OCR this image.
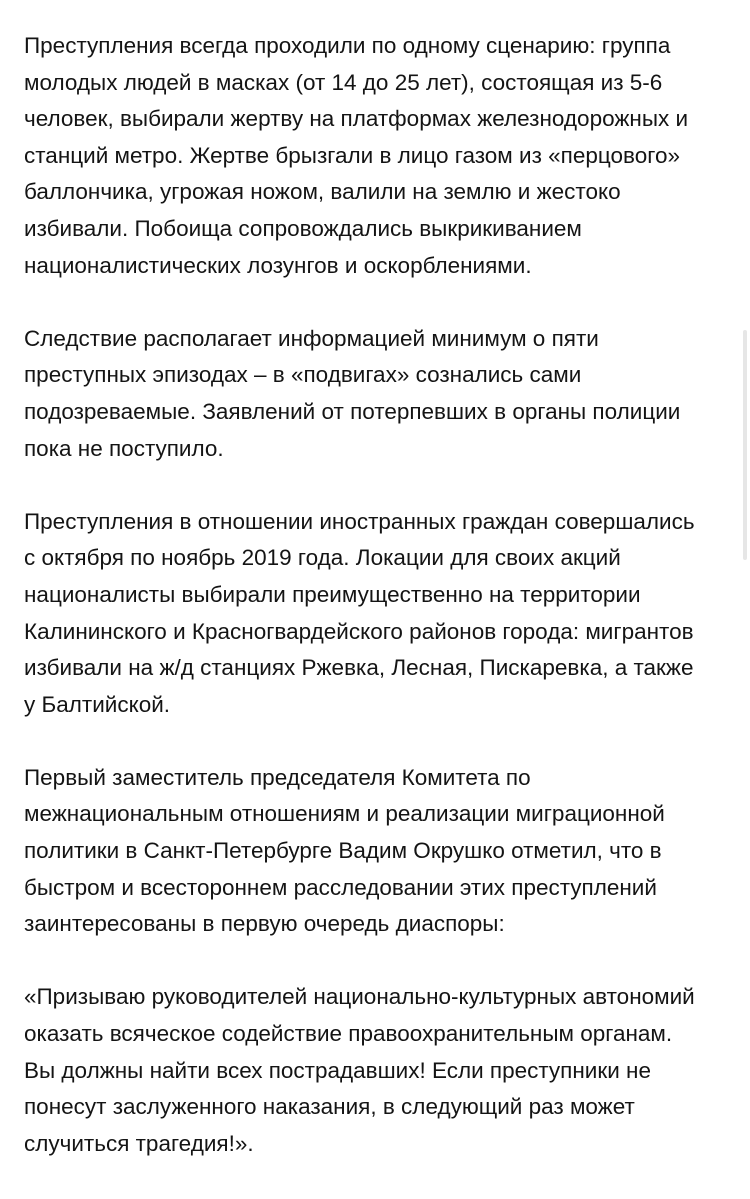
Преступления всегда проходили по одному сценарию: группа
молодых людей в масках (от 14 до 25 лет), состоящая из 5-6
человек, выбирали жертву на платформах железнодорожных и
станций метро. Жертве брызгали в лицо газом из «перцового»
баллончика, угрожая ножом, валили на землю и жестоко
избивали. Побоища сопровождались выкрикиванием
националистических лозунгов и оскорблениями.

Следствие располагает информацией минимум о пяти
преступных эпизодах – в «подвигах» сознались сами
подозреваемые. Заявлений от потерпевших в органы полиции
пока не поступило.

Преступления в отношении иностранных граждан совершались
с октября по ноябрь 2019 года. Локации для своих акций
националисты выбирали преимущественно на территории
Калининского и Красногвардейского районов города: мигрантов
избивали на ж/д станциях Ржевка, Лесная, Пискаревка, а также
у Балтийской.

Первый заместитель председателя Комитета по
межнациональным отношениям и реализации миграционной
политики в Санкт-Петербурге Вадим Окрушко отметил, что в
быстром и всестороннем расследовании этих преступлений
заинтересованы в первую очередь диаспоры:

«Призываю руководителей национально-культурных автономий
оказать всяческое содействие правоохранительным органам.
Вы должны найти всех пострадавших! Если преступники не
понесут заслуженного наказания, в следующий раз может
случиться трагедия!».
